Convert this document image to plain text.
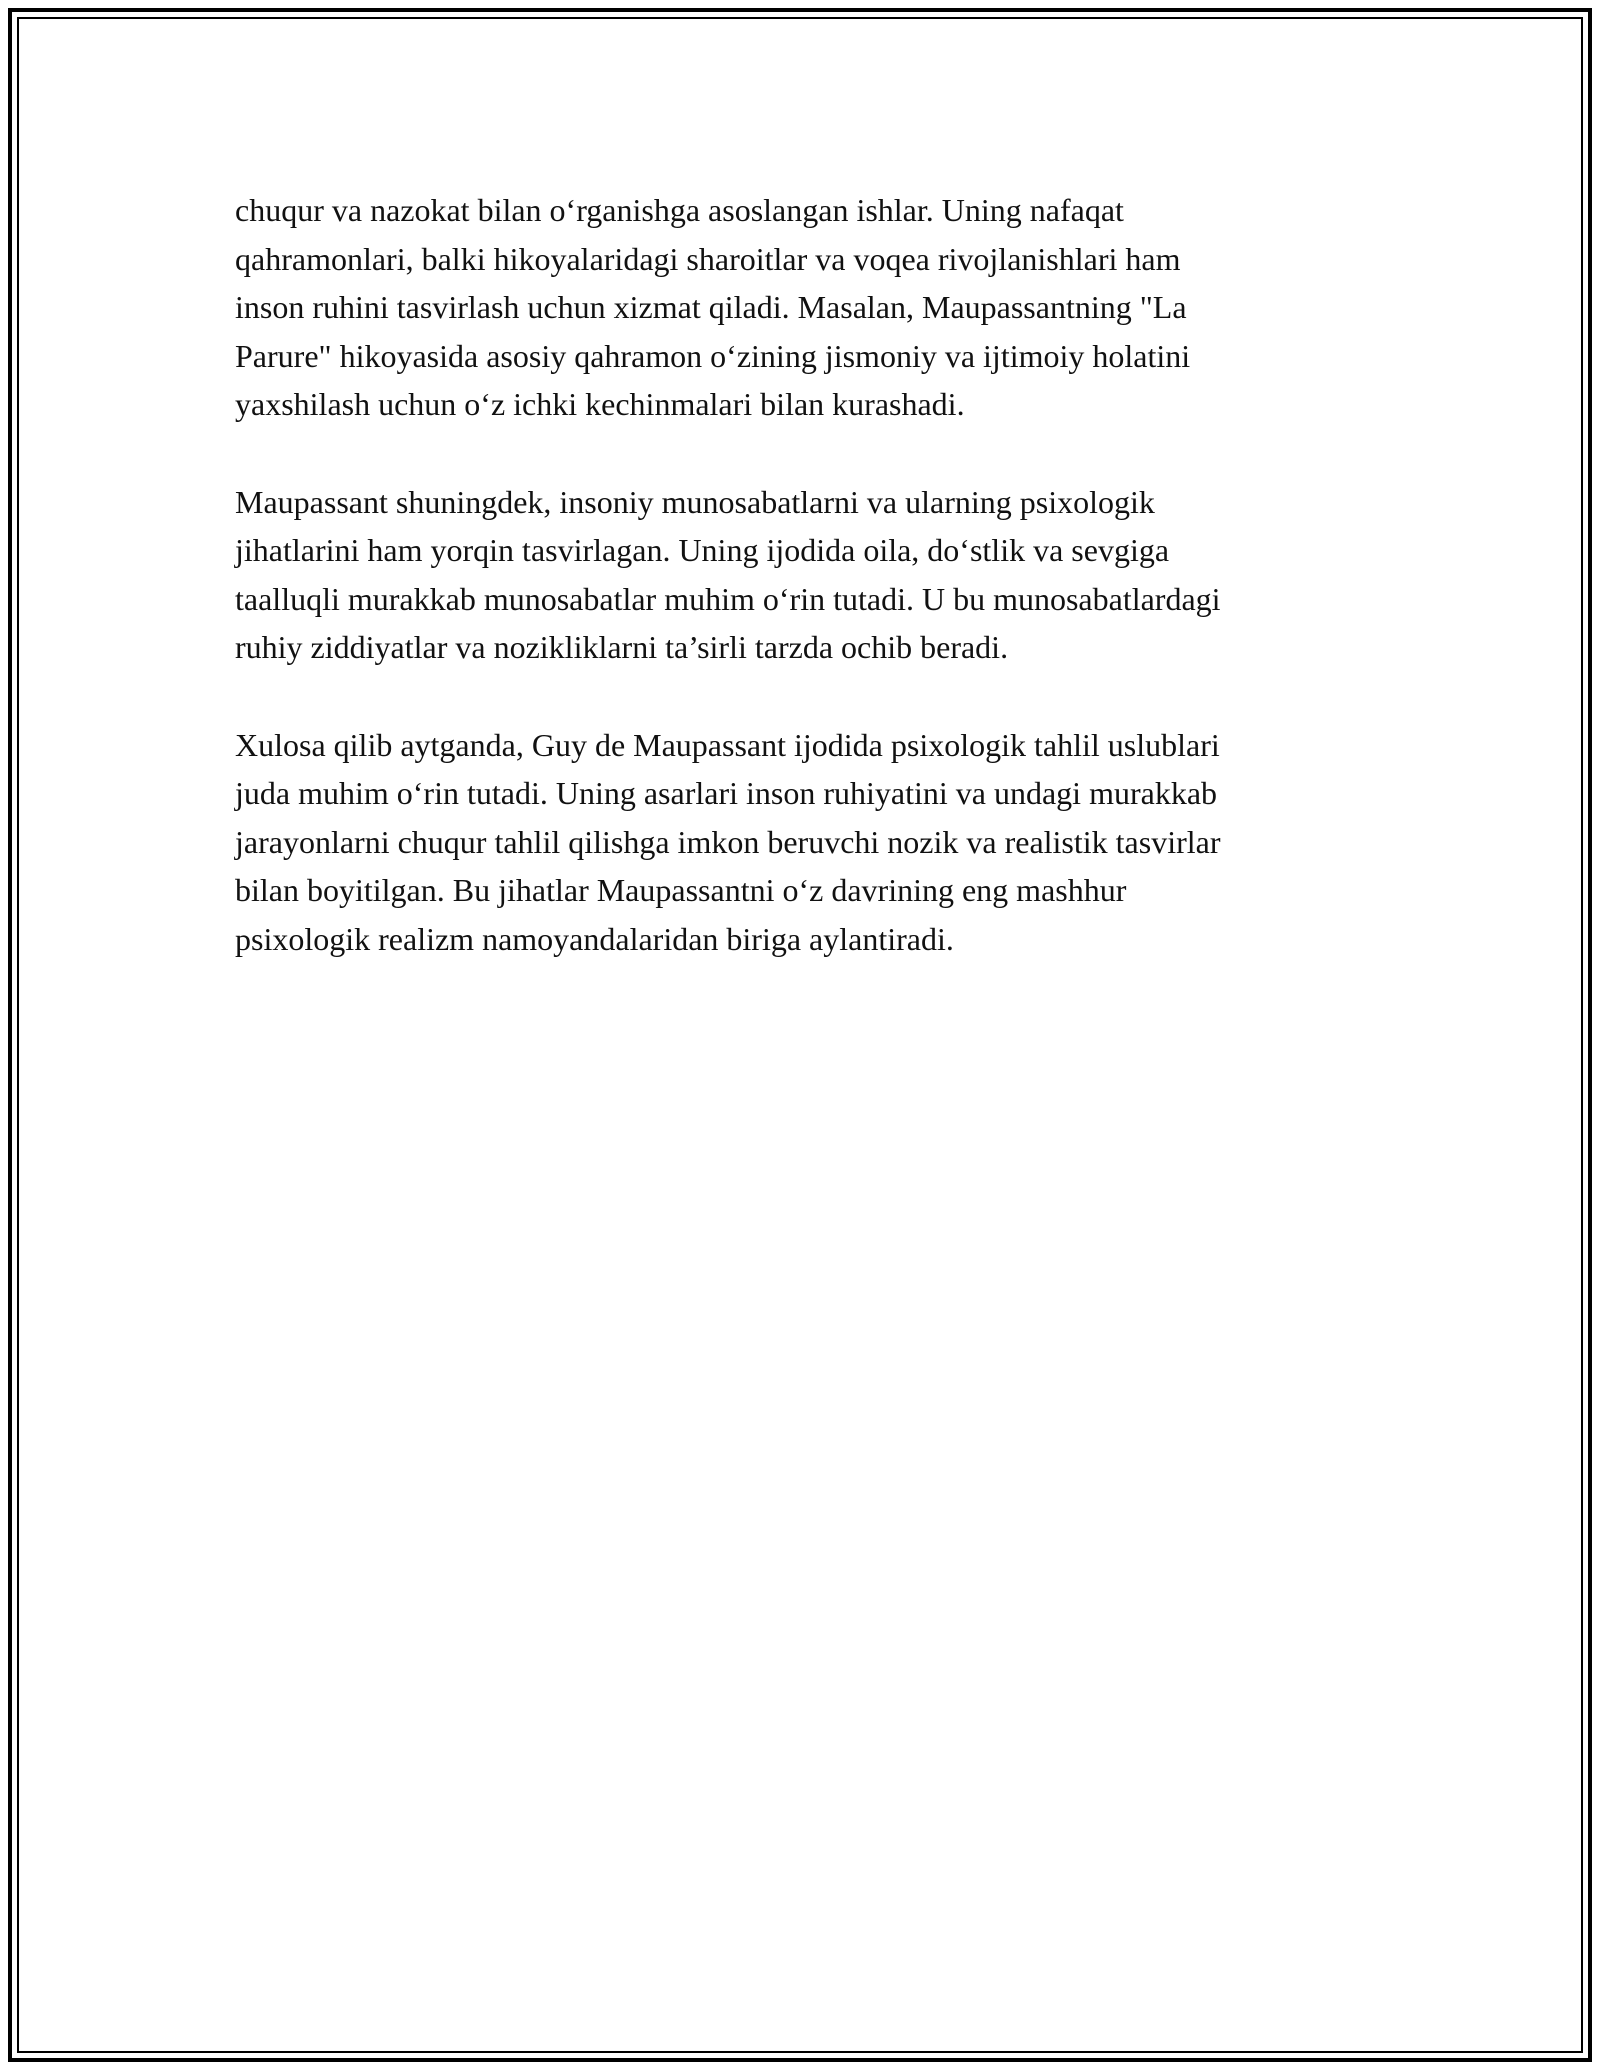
chuqur va nazokat bilan o‘rganishga asoslangan ishlar. Uning nafaqat
qahramonlari, balki hikoyalaridagi sharoitlar va voqea rivojlanishlari ham
inson ruhini tasvirlash uchun xizmat qiladi. Masalan, Maupassantning "La
Parure" hikoyasida asosiy qahramon o‘zining jismoniy va ijtimoiy holatini
yaxshilash uchun o‘z ichki kechinmalari bilan kurashadi.

Maupassant shuningdek, insoniy munosabatlarni va ularning psixologik
jihatlarini ham yorqin tasvirlagan. Uning ijodida oila, do‘stlik va sevgiga
taalluqli murakkab munosabatlar muhim o‘rin tutadi. U bu munosabatlardagi
ruhiy ziddiyatlar va nozikliklarni ta’sirli tarzda ochib beradi.

Xulosa qilib aytganda, Guy de Maupassant ijodida psixologik tahlil uslublari
juda muhim o‘rin tutadi. Uning asarlari inson ruhiyatini va undagi murakkab
jarayonlarni chuqur tahlil qilishga imkon beruvchi nozik va realistik tasvirlar
bilan boyitilgan. Bu jihatlar Maupassantni o‘z davrining eng mashhur
psixologik realizm namoyandalaridan biriga aylantiradi.
